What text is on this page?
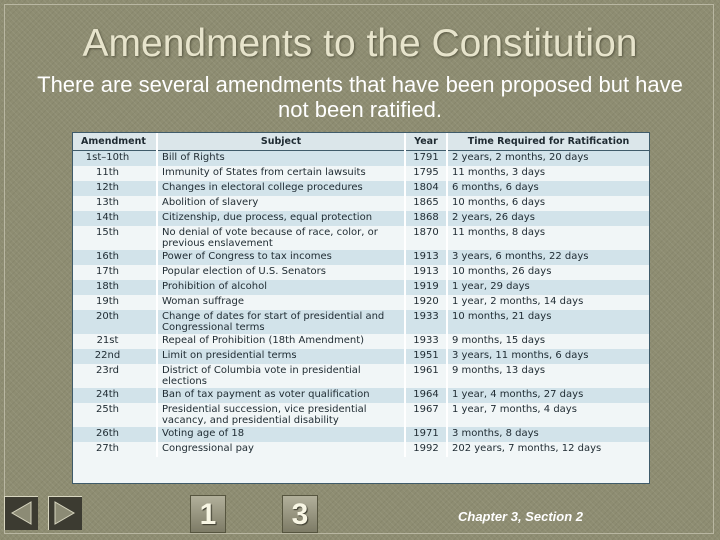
Amendments to the Constitution
There are several amendments that have been proposed but have
not been ratified.
Amendment	Subject	Year	Time Required for Ratification
1st–10th	Bill of Rights	1791	2 years, 2 months, 20 days
11th	Immunity of States from certain lawsuits	1795	11 months, 3 days
12th	Changes in electoral college procedures	1804	6 months, 6 days
13th	Abolition of slavery	1865	10 months, 6 days
14th	Citizenship, due process, equal protection	1868	2 years, 26 days
15th	No denial of vote because of race, color, or previous enslavement	1870	11 months, 8 days
16th	Power of Congress to tax incomes	1913	3 years, 6 months, 22 days
17th	Popular election of U.S. Senators	1913	10 months, 26 days
18th	Prohibition of alcohol	1919	1 year, 29 days
19th	Woman suffrage	1920	1 year, 2 months, 14 days
20th	Change of dates for start of presidential and Congressional terms	1933	10 months, 21 days
21st	Repeal of Prohibition (18th Amendment)	1933	9 months, 15 days
22nd	Limit on presidential terms	1951	3 years, 11 months, 6 days
23rd	District of Columbia vote in presidential elections	1961	9 months, 13 days
24th	Ban of tax payment as voter qualification	1964	1 year, 4 months, 27 days
25th	Presidential succession, vice presidential vacancy, and presidential disability	1967	1 year, 7 months, 4 days
26th	Voting age of 18	1971	3 months, 8 days
27th	Congressional pay	1992	202 years, 7 months, 12 days
1	3	Chapter 3, Section 2
